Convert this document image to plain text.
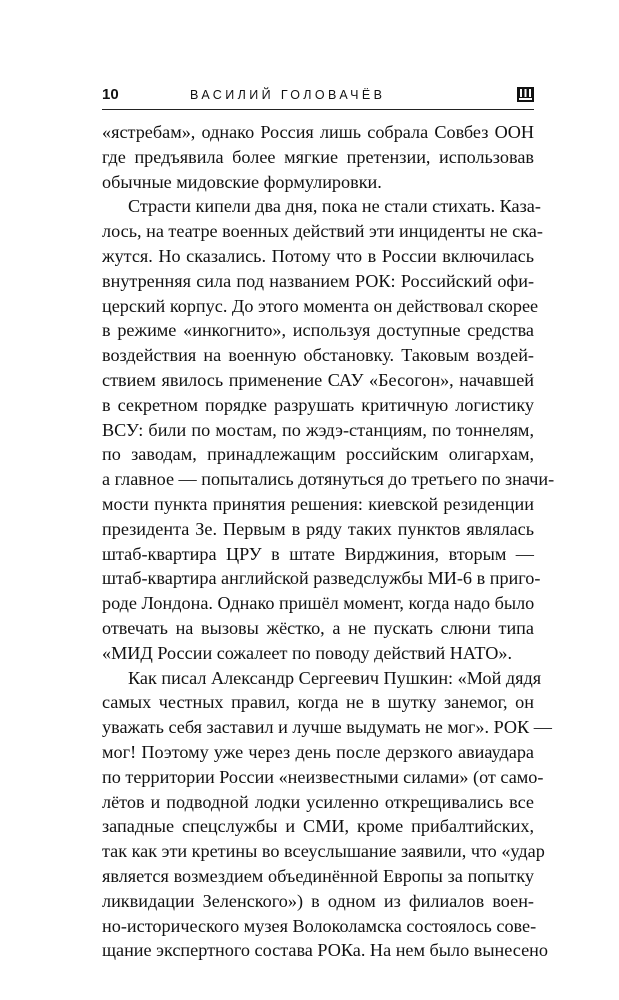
10	ВАСИЛИЙ ГОЛОВАЧЁВ
«ястребам», однако Россия лишь собрала Совбез ООН
где предъявила более мягкие претензии, использовав
обычные мидовские формулировки.
Страсти кипели два дня, пока не стали стихать. Каза-
лось, на театре военных действий эти инциденты не ска-
жутся. Но сказались. Потому что в России включилась
внутренняя сила под названием РОК: Российский офи-
церский корпус. До этого момента он действовал скорее
в режиме «инкогнито», используя доступные средства
воздействия на военную обстановку. Таковым воздей-
ствием явилось применение САУ «Бесогон», начавшей
в секретном порядке разрушать критичную логистику
ВСУ: били по мостам, по жэдэ-станциям, по тоннелям,
по заводам, принадлежащим российским олигархам,
а главное — попытались дотянуться до третьего по значи-
мости пункта принятия решения: киевской резиденции
президента Зе. Первым в ряду таких пунктов являлась
штаб-квартира ЦРУ в штате Вирджиния, вторым —
штаб-квартира английской разведслужбы МИ-6 в приго-
роде Лондона. Однако пришёл момент, когда надо было
отвечать на вызовы жёстко, а не пускать слюни типа
«МИД России сожалеет по поводу действий НАТО».
Как писал Александр Сергеевич Пушкин: «Мой дядя
самых честных правил, когда не в шутку занемог, он
уважать себя заставил и лучше выдумать не мог». РОК —
мог! Поэтому уже через день после дерзкого авиаудара
по территории России «неизвестными силами» (от само-
лётов и подводной лодки усиленно открещивались все
западные спецслужбы и СМИ, кроме прибалтийских,
так как эти кретины во всеуслышание заявили, что «удар
является возмездием объединённой Европы за попытку
ликвидации Зеленского») в одном из филиалов воен-
но-исторического музея Волоколамска состоялось сове-
щание экспертного состава РОКа. На нем было вынесено
